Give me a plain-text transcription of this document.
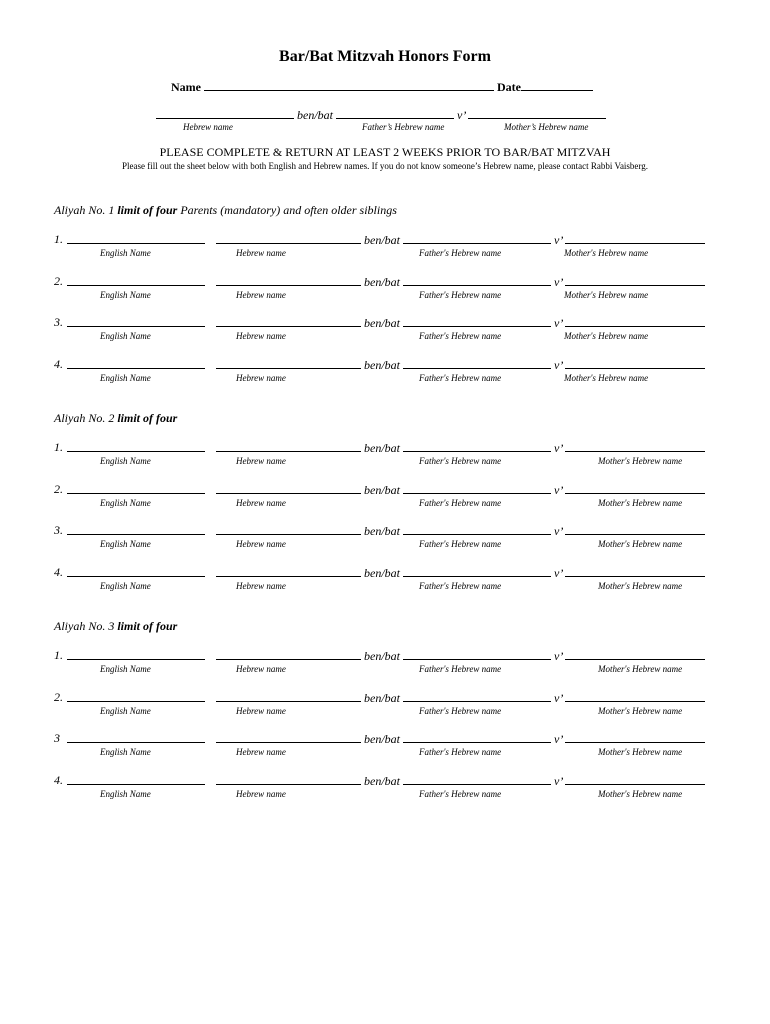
Bar/Bat Mitzvah Honors Form
Name	Date
ben/bat	v’
Hebrew name	Father’s Hebrew name	Mother’s Hebrew name
PLEASE COMPLETE & RETURN AT LEAST 2 WEEKS PRIOR TO BAR/BAT MITZVAH
Please fill out the sheet below with both English and Hebrew names. If you do not know someone’s Hebrew name, please contact Rabbi Vaisberg.
Aliyah No. 1 limit of four Parents (mandatory) and often older siblings
1.	ben/bat	v’
English Name	Hebrew name	Father's Hebrew name	Mother's Hebrew name
2.	ben/bat	v’
English Name	Hebrew name	Father's Hebrew name	Mother's Hebrew name
3.	ben/bat	v’
English Name	Hebrew name	Father's Hebrew name	Mother's Hebrew name
4.	ben/bat	v’
English Name	Hebrew name	Father's Hebrew name	Mother's Hebrew name
Aliyah No. 2 limit of four
1.	ben/bat	v’
English Name	Hebrew name	Father's Hebrew name	Mother's Hebrew name
2.	ben/bat	v’
English Name	Hebrew name	Father's Hebrew name	Mother's Hebrew name
3.	ben/bat	v’
English Name	Hebrew name	Father's Hebrew name	Mother's Hebrew name
4.	ben/bat	v’
English Name	Hebrew name	Father's Hebrew name	Mother's Hebrew name
Aliyah No. 3 limit of four
1.	ben/bat	v’
English Name	Hebrew name	Father's Hebrew name	Mother's Hebrew name
2.	ben/bat	v’
English Name	Hebrew name	Father's Hebrew name	Mother's Hebrew name
3	ben/bat	v’
English Name	Hebrew name	Father's Hebrew name	Mother's Hebrew name
4.	ben/bat	v’
English Name	Hebrew name	Father's Hebrew name	Mother's Hebrew name
